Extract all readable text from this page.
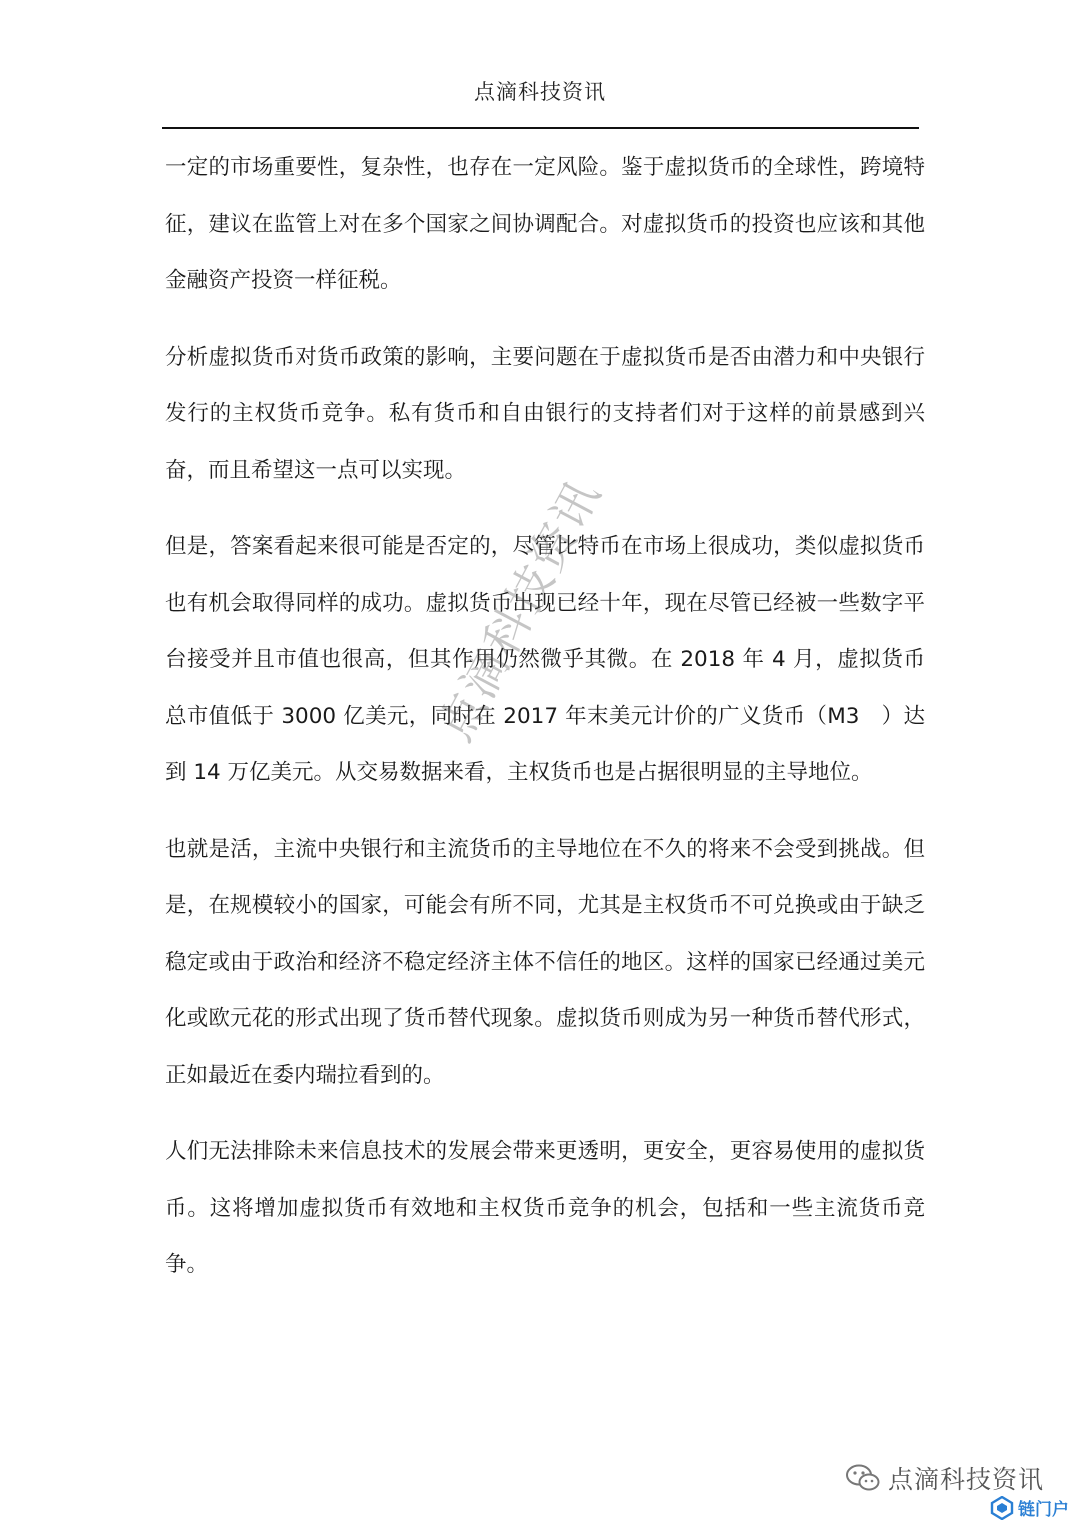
点滴科技资讯

一定的市场重要性，复杂性，也存在一定风险。鉴于虚拟货币的全球性，跨境特征，建议在监管上对在多个国家之间协调配合。对虚拟货币的投资也应该和其他金融资产投资一样征税。

分析虚拟货币对货币政策的影响，主要问题在于虚拟货币是否由潜力和中央银行发行的主权货币竞争。私有货币和自由银行的支持者们对于这样的前景感到兴奋，而且希望这一点可以实现。

但是，答案看起来很可能是否定的，尽管比特币在市场上很成功，类似虚拟货币也有机会取得同样的成功。虚拟货币出现已经十年，现在尽管已经被一些数字平台接受并且市值也很高，但其作用仍然微乎其微。在 2018 年 4 月，虚拟货币总市值低于 3000 亿美元，同时在 2017 年末美元计价的广义货币（M3　）达到 14 万亿美元。从交易数据来看，主权货币也是占据很明显的主导地位。

也就是活，主流中央银行和主流货币的主导地位在不久的将来不会受到挑战。但是，在规模较小的国家，可能会有所不同，尤其是主权货币不可兑换或由于缺乏稳定或由于政治和经济不稳定经济主体不信任的地区。这样的国家已经通过美元化或欧元花的形式出现了货币替代现象。虚拟货币则成为另一种货币替代形式，正如最近在委内瑞拉看到的。

人们无法排除未来信息技术的发展会带来更透明，更安全，更容易使用的虚拟货币。这将增加虚拟货币有效地和主权货币竞争的机会，包括和一些主流货币竞争。

点滴科技资讯
点滴科技资讯
链门户
